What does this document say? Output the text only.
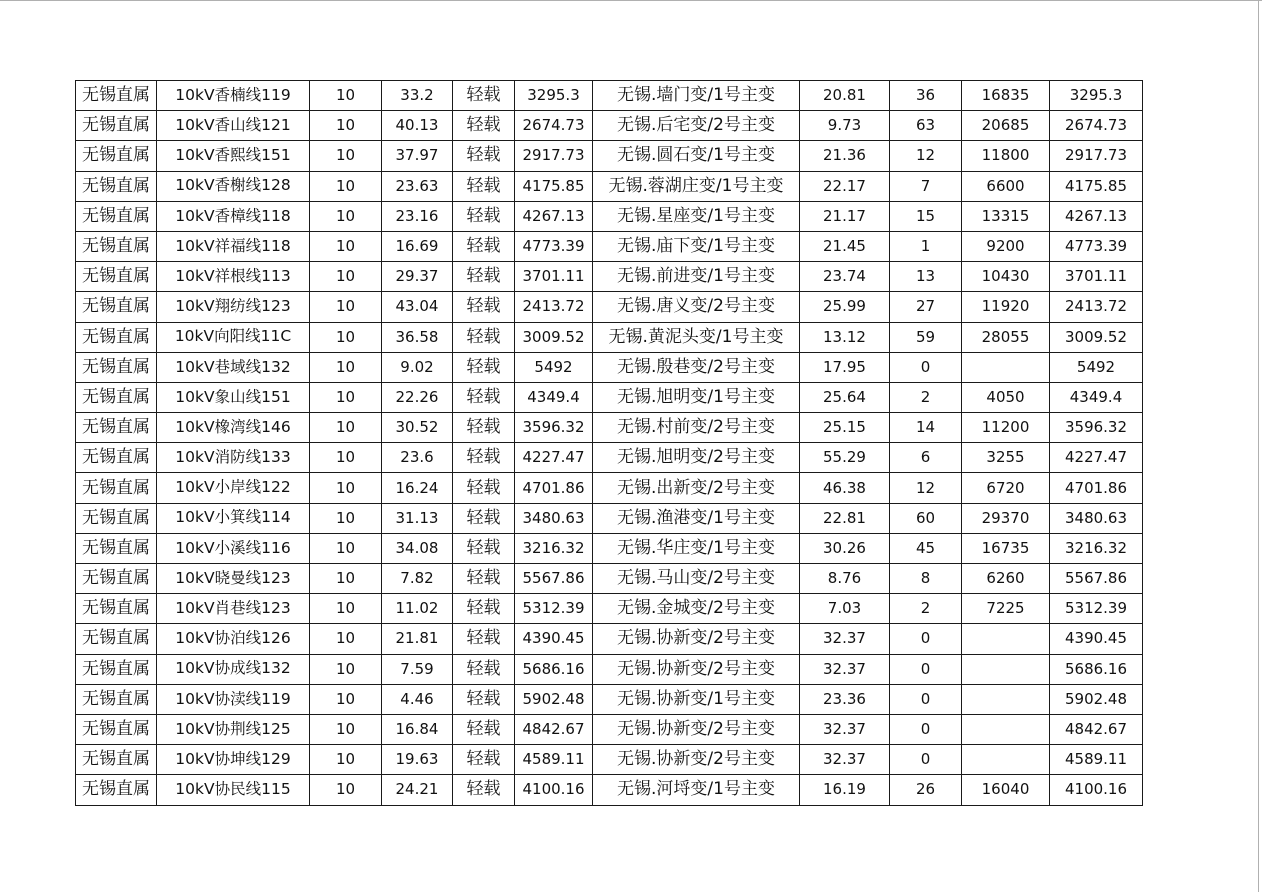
无锡直属	10kV香楠线119	10	33.2	轻载	3295.3	无锡.墙门变/1号主变	20.81	36	16835	3295.3
无锡直属	10kV香山线121	10	40.13	轻载	2674.73	无锡.后宅变/2号主变	9.73	63	20685	2674.73
无锡直属	10kV香熙线151	10	37.97	轻载	2917.73	无锡.圆石变/1号主变	21.36	12	11800	2917.73
无锡直属	10kV香榭线128	10	23.63	轻载	4175.85	无锡.蓉湖庄变/1号主变	22.17	7	6600	4175.85
无锡直属	10kV香樟线118	10	23.16	轻载	4267.13	无锡.星座变/1号主变	21.17	15	13315	4267.13
无锡直属	10kV祥福线118	10	16.69	轻载	4773.39	无锡.庙下变/1号主变	21.45	1	9200	4773.39
无锡直属	10kV祥根线113	10	29.37	轻载	3701.11	无锡.前进变/1号主变	23.74	13	10430	3701.11
无锡直属	10kV翔纺线123	10	43.04	轻载	2413.72	无锡.唐义变/2号主变	25.99	27	11920	2413.72
无锡直属	10kV向阳线11C	10	36.58	轻载	3009.52	无锡.黄泥头变/1号主变	13.12	59	28055	3009.52
无锡直属	10kV巷域线132	10	9.02	轻载	5492	无锡.殷巷变/2号主变	17.95	0		5492
无锡直属	10kV象山线151	10	22.26	轻载	4349.4	无锡.旭明变/1号主变	25.64	2	4050	4349.4
无锡直属	10kV橡湾线146	10	30.52	轻载	3596.32	无锡.村前变/2号主变	25.15	14	11200	3596.32
无锡直属	10kV消防线133	10	23.6	轻载	4227.47	无锡.旭明变/2号主变	55.29	6	3255	4227.47
无锡直属	10kV小岸线122	10	16.24	轻载	4701.86	无锡.出新变/2号主变	46.38	12	6720	4701.86
无锡直属	10kV小箕线114	10	31.13	轻载	3480.63	无锡.渔港变/1号主变	22.81	60	29370	3480.63
无锡直属	10kV小溪线116	10	34.08	轻载	3216.32	无锡.华庄变/1号主变	30.26	45	16735	3216.32
无锡直属	10kV晓曼线123	10	7.82	轻载	5567.86	无锡.马山变/2号主变	8.76	8	6260	5567.86
无锡直属	10kV肖巷线123	10	11.02	轻载	5312.39	无锡.金城变/2号主变	7.03	2	7225	5312.39
无锡直属	10kV协泊线126	10	21.81	轻载	4390.45	无锡.协新变/2号主变	32.37	0		4390.45
无锡直属	10kV协成线132	10	7.59	轻载	5686.16	无锡.协新变/2号主变	32.37	0		5686.16
无锡直属	10kV协渎线119	10	4.46	轻载	5902.48	无锡.协新变/1号主变	23.36	0		5902.48
无锡直属	10kV协荆线125	10	16.84	轻载	4842.67	无锡.协新变/2号主变	32.37	0		4842.67
无锡直属	10kV协坤线129	10	19.63	轻载	4589.11	无锡.协新变/2号主变	32.37	0		4589.11
无锡直属	10kV协民线115	10	24.21	轻载	4100.16	无锡.河埒变/1号主变	16.19	26	16040	4100.16
